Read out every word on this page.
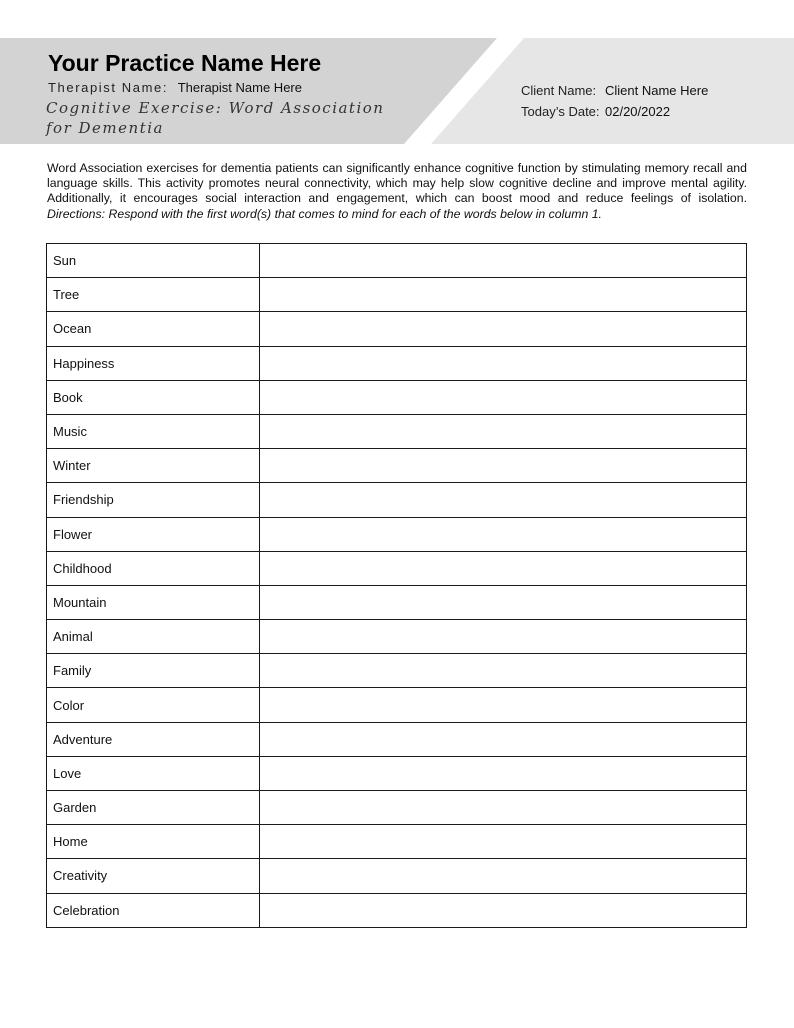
Your Practice Name Here
Therapist Name: Therapist Name Here
Cognitive Exercise: Word Association for Dementia
Client Name: Client Name Here
Today’s Date: 02/20/2022
Word Association exercises for dementia patients can significantly enhance cognitive function by stimulating memory recall and language skills. This activity promotes neural connectivity, which may help slow cognitive decline and improve mental agility. Additionally, it encourages social interaction and engagement, which can boost mood and reduce feelings of isolation. Directions: Respond with the first word(s) that comes to mind for each of the words below in column 1.
Sun	
Tree	
Ocean	
Happiness	
Book	
Music	
Winter	
Friendship	
Flower	
Childhood	
Mountain	
Animal	
Family	
Color	
Adventure	
Love	
Garden	
Home	
Creativity	
Celebration	
